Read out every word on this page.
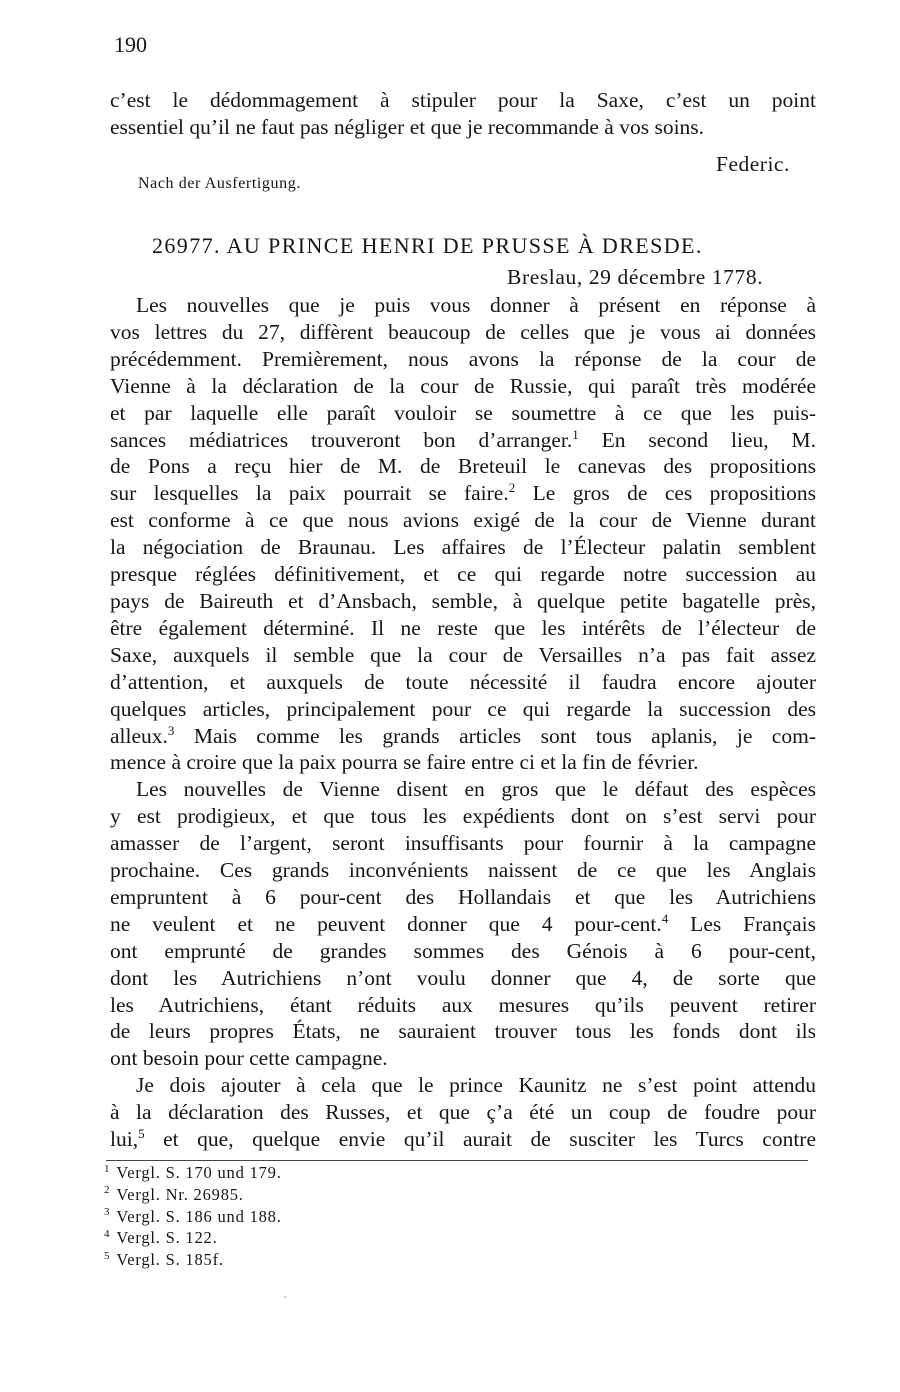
190
c’est le dédommagement à stipuler pour la Saxe, c’est un point
essentiel qu’il ne faut pas négliger et que je recommande à vos soins.
Federic.
Nach der Ausfertigung.
26977. AU PRINCE HENRI DE PRUSSE À DRESDE.
Breslau, 29 décembre 1778.
Les nouvelles que je puis vous donner à présent en réponse à
vos lettres du 27, diffèrent beaucoup de celles que je vous ai données
précédemment. Premièrement, nous avons la réponse de la cour de
Vienne à la déclaration de la cour de Russie, qui paraît très modérée
et par laquelle elle paraît vouloir se soumettre à ce que les puis-
sances médiatrices trouveront bon d’arranger.$^1$ En second lieu, M.
de Pons a reçu hier de M. de Breteuil le canevas des propositions
sur lesquelles la paix pourrait se faire.$^2$ Le gros de ces propositions
est conforme à ce que nous avions exigé de la cour de Vienne durant
la négociation de Braunau. Les affaires de l’Électeur palatin semblent
presque réglées définitivement, et ce qui regarde notre succession au
pays de Baireuth et d’Ansbach, semble, à quelque petite bagatelle près,
être également déterminé. Il ne reste que les intérêts de l’électeur de
Saxe, auxquels il semble que la cour de Versailles n’a pas fait assez
d’attention, et auxquels de toute nécessité il faudra encore ajouter
quelques articles, principalement pour ce qui regarde la succession des
alleux.$^3$ Mais comme les grands articles sont tous aplanis, je com-
mence à croire que la paix pourra se faire entre ci et la fin de février.
Les nouvelles de Vienne disent en gros que le défaut des espèces
y est prodigieux, et que tous les expédients dont on s’est servi pour
amasser de l’argent, seront insuffisants pour fournir à la campagne
prochaine. Ces grands inconvénients naissent de ce que les Anglais
empruntent à 6 pour-cent des Hollandais et que les Autrichiens
ne veulent et ne peuvent donner que 4 pour-cent.$^4$ Les Français
ont emprunté de grandes sommes des Génois à 6 pour-cent,
dont les Autrichiens n’ont voulu donner que 4, de sorte que
les Autrichiens, étant réduits aux mesures qu’ils peuvent retirer
de leurs propres États, ne sauraient trouver tous les fonds dont ils
ont besoin pour cette campagne.
Je dois ajouter à cela que le prince Kaunitz ne s’est point attendu
à la déclaration des Russes, et que ç’a été un coup de foudre pour
lui,$^5$ et que, quelque envie qu’il aurait de susciter les Turcs contre
$^1$ Vergl. S. 170 und 179.
$^2$ Vergl. Nr. 26985.
$^3$ Vergl. S. 186 und 188.
$^4$ Vergl. S. 122.
$^5$ Vergl. S. 185f.
